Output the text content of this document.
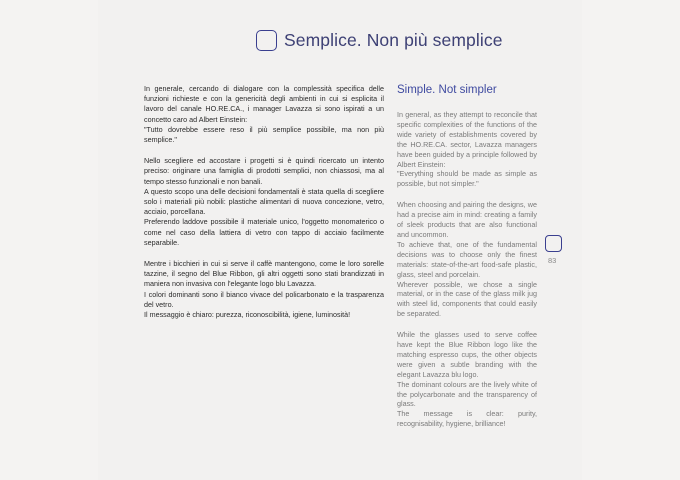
Semplice. Non più semplice

In generale, cercando di dialogare con la complessità specifica delle funzioni richieste e con la genericità degli ambienti in cui si esplicita il lavoro del canale HO.RE.CA., i manager Lavazza si sono ispirati a un concetto caro ad Albert Einstein:
"Tutto dovrebbe essere reso il più semplice possibile, ma non più semplice."

Nello scegliere ed accostare i progetti si è quindi ricercato un intento preciso: originare una famiglia di prodotti semplici, non chiassosi, ma al tempo stesso funzionali e non banali.
A questo scopo una delle decisioni fondamentali è stata quella di scegliere solo i materiali più nobili: plastiche alimentari di nuova concezione, vetro, acciaio, porcellana.
Preferendo laddove possibile il materiale unico, l'oggetto monomaterico o come nel caso della lattiera di vetro con tappo di acciaio facilmente separabile.

Mentre i bicchieri in cui si serve il caffè mantengono, come le loro sorelle tazzine, il segno del Blue Ribbon, gli altri oggetti sono stati brandizzati in maniera non invasiva con l'elegante logo blu Lavazza.
I colori dominanti sono il bianco vivace del policarbonato e la trasparenza del vetro.
Il messaggio è chiaro: purezza, riconoscibilità, igiene, luminosità!

Simple. Not simpler

In general, as they attempt to reconcile that specific complexities of the functions of the wide variety of establishments covered by the HO.RE.CA. sector, Lavazza managers have been guided by a principle followed by Albert Einstein:
"Everything should be made as simple as possible, but not simpler."

When choosing and pairing the designs, we had a precise aim in mind: creating a family of sleek products that are also functional and uncommon.
To achieve that, one of the fundamental decisions was to choose only the finest materials: state-of-the-art food-safe plastic, glass, steel and porcelain.
Wherever possible, we chose a single material, or in the case of the glass milk jug with steel lid, components that could easily be separated.

While the glasses used to serve coffee have kept the Blue Ribbon logo like the matching espresso cups, the other objects were given a subtle branding with the elegant Lavazza blu logo.
The dominant colours are the lively white of the polycarbonate and the transparency of glass.
The message is clear: purity, recognisability, hygiene, brilliance!

83
